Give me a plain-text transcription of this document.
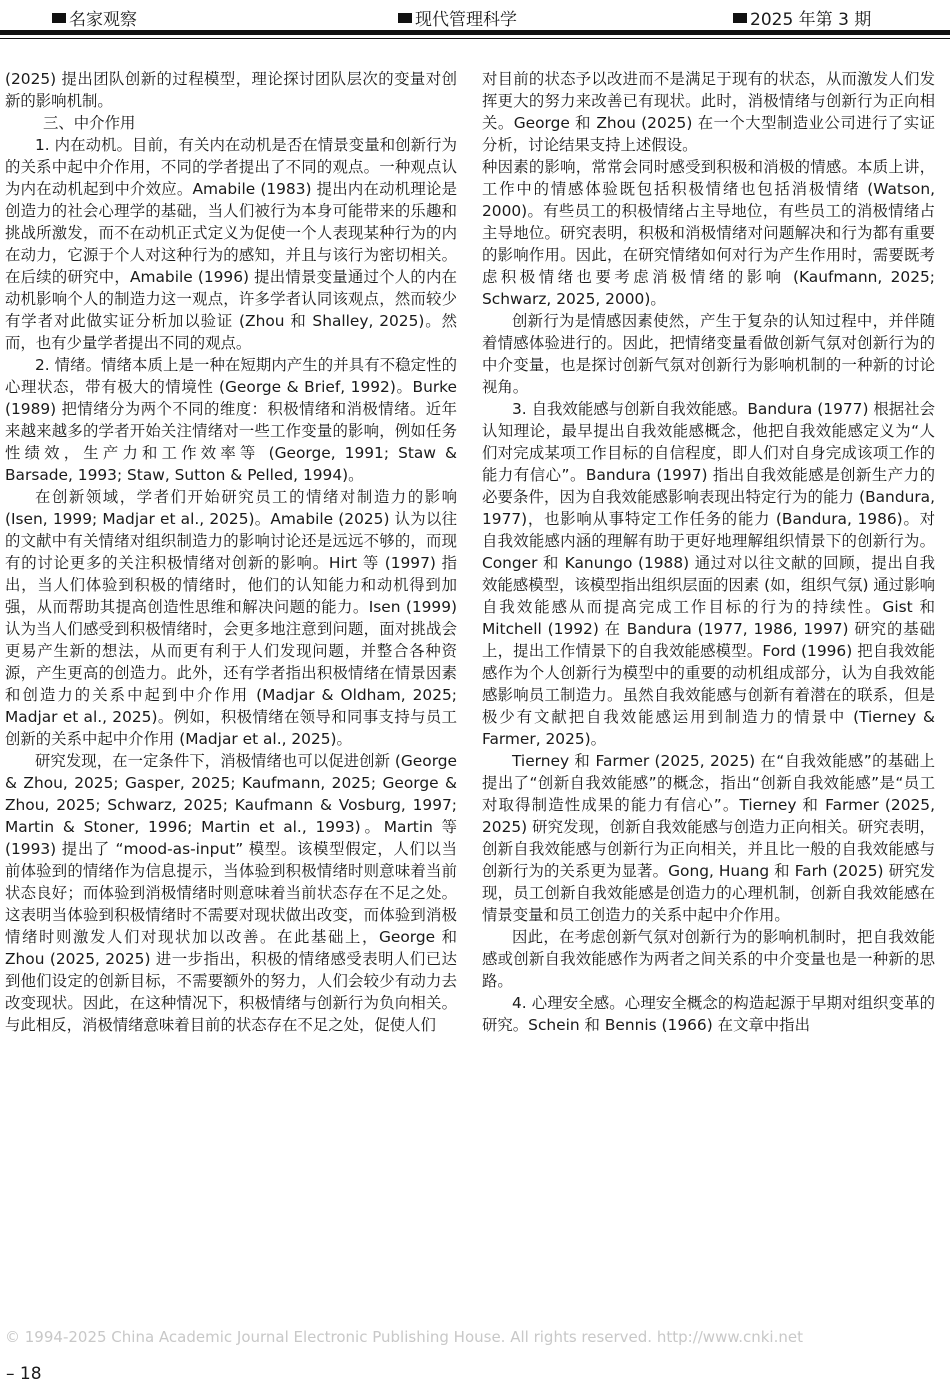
名家观察	现代管理科学	2025 年第 3 期

(2025) 提出团队创新的过程模型，理论探讨团队层次的变量对创新的影响机制。

三、中介作用

1. 内在动机。目前，有关内在动机是否在情景变量和创新行为的关系中起中介作用，不同的学者提出了不同的观点。一种观点认为内在动机起到中介效应。Amabile (1983) 提出内在动机理论是创造力的社会心理学的基础，当人们被行为本身可能带来的乐趣和挑战所激发，而不在动机正式定义为促使一个人表现某种行为的内在动力，它源于个人对这种行为的感知，并且与该行为密切相关。在后续的研究中，Amabile (1996) 提出情景变量通过个人的内在动机影响个人的制造力这一观点，许多学者认同该观点，然而较少有学者对此做实证分析加以验证 (Zhou 和 Shalley, 2025)。然而，也有少量学者提出不同的观点。

2. 情绪。情绪本质上是一种在短期内产生的并具有不稳定性的心理状态，带有极大的情境性 (George & Brief, 1992)。Burke (1989) 把情绪分为两个不同的维度：积极情绪和消极情绪。近年来越来越多的学者开始关注情绪对一些工作变量的影响，例如任务性绩效，生产力和工作效率等 (George, 1991; Staw & Barsade, 1993; Staw, Sutton & Pelled, 1994)。

在创新领域，学者们开始研究员工的情绪对制造力的影响 (Isen, 1999; Madjar et al., 2025)。Amabile (2025) 认为以往的文献中有关情绪对组织制造力的影响讨论还是远远不够的，而现有的讨论更多的关注积极情绪对创新的影响。Hirt 等 (1997) 指出，当人们体验到积极的情绪时，他们的认知能力和动机得到加强，从而帮助其提高创造性思维和解决问题的能力。Isen (1999) 认为当人们感受到积极情绪时，会更多地注意到问题，面对挑战会更易产生新的想法，从而更有利于人们发现问题，并整合各种资源，产生更高的创造力。此外，还有学者指出积极情绪在情景因素和创造力的关系中起到中介作用 (Madjar & Oldham, 2025; Madjar et al., 2025)。例如，积极情绪在领导和同事支持与员工创新的关系中起中介作用 (Madjar et al., 2025)。

研究发现，在一定条件下，消极情绪也可以促进创新 (George & Zhou, 2025; Gasper, 2025; Kaufmann, 2025; George & Zhou, 2025; Schwarz, 2025; Kaufmann & Vosburg, 1997; Martin & Stoner, 1996; Martin et al., 1993)。Martin 等 (1993) 提出了 “mood-as-input” 模型。该模型假定，人们以当前体验到的情绪作为信息提示，当体验到积极情绪时则意味着当前状态良好；而体验到消极情绪时则意味着当前状态存在不足之处。这表明当体验到积极情绪时不需要对现状做出改变，而体验到消极情绪时则激发人们对现状加以改善。在此基础上，George 和 Zhou (2025, 2025) 进一步指出，积极的情绪感受表明人们已达到他们设定的创新目标，不需要额外的努力，人们会较少有动力去改变现状。因此，在这种情况下，积极情绪与创新行为负向相关。与此相反，消极情绪意味着目前的状态存在不足之处，促使人们

对目前的状态予以改进而不是满足于现有的状态，从而激发人们发挥更大的努力来改善已有现状。此时，消极情绪与创新行为正向相关。George 和 Zhou (2025) 在一个大型制造业公司进行了实证分析，讨论结果支持上述假设。

种因素的影响，常常会同时感受到积极和消极的情感。本质上讲，工作中的情感体验既包括积极情绪也包括消极情绪 (Watson, 2000)。有些员工的积极情绪占主导地位，有些员工的消极情绪占主导地位。研究表明，积极和消极情绪对问题解决和行为都有重要的影响作用。因此，在研究情绪如何对行为产生作用时，需要既考虑积极情绪也要考虑消极情绪的影响 (Kaufmann, 2025; Schwarz, 2025, 2000)。

创新行为是情感因素使然，产生于复杂的认知过程中，并伴随着情感体验进行的。因此，把情绪变量看做创新气氛对创新行为的中介变量，也是探讨创新气氛对创新行为影响机制的一种新的讨论视角。

3. 自我效能感与创新自我效能感。Bandura (1977) 根据社会认知理论，最早提出自我效能感概念，他把自我效能感定义为“人们对完成某项工作目标的自信程度，即人们对自身完成该项工作的能力有信心”。Bandura (1997) 指出自我效能感是创新生产力的必要条件，因为自我效能感影响表现出特定行为的能力 (Bandura, 1977)，也影响从事特定工作任务的能力 (Bandura, 1986)。对自我效能感内涵的理解有助于更好地理解组织情景下的创新行为。Conger 和 Kanungo (1988) 通过对以往文献的回顾，提出自我效能感模型，该模型指出组织层面的因素 (如，组织气氛) 通过影响自我效能感从而提高完成工作目标的行为的持续性。Gist 和 Mitchell (1992) 在 Bandura (1977, 1986, 1997) 研究的基础上，提出工作情景下的自我效能感模型。Ford (1996) 把自我效能感作为个人创新行为模型中的重要的动机组成部分，认为自我效能感影响员工制造力。虽然自我效能感与创新有着潜在的联系，但是极少有文献把自我效能感运用到制造力的情景中 (Tierney & Farmer, 2025)。

Tierney 和 Farmer (2025, 2025) 在“自我效能感”的基础上提出了“创新自我效能感”的概念，指出“创新自我效能感”是“员工对取得制造性成果的能力有信心”。Tierney 和 Farmer (2025, 2025) 研究发现，创新自我效能感与创造力正向相关。研究表明，创新自我效能感与创新行为正向相关，并且比一般的自我效能感与创新行为的关系更为显著。Gong, Huang 和 Farh (2025) 研究发现，员工创新自我效能感是创造力的心理机制，创新自我效能感在情景变量和员工创造力的关系中起中介作用。

因此，在考虑创新气氛对创新行为的影响机制时，把自我效能感或创新自我效能感作为两者之间关系的中介变量也是一种新的思路。

4. 心理安全感。心理安全概念的构造起源于早期对组织变革的研究。Schein 和 Bennis (1966) 在文章中指出

© 1994-2025 China Academic Journal Electronic Publishing House. All rights reserved. http://www.cnki.net
– 18
